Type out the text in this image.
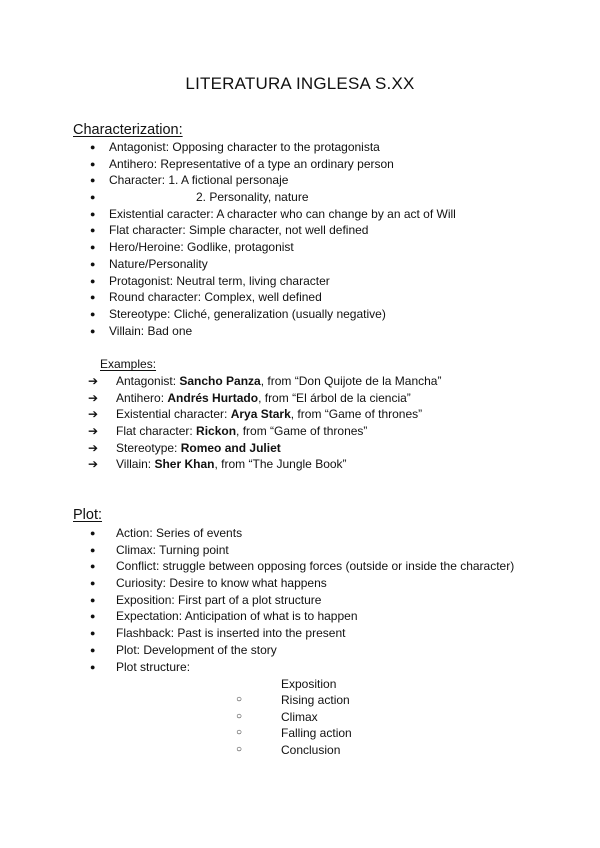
LITERATURA INGLESA S.XX
Characterization:
● Antagonist: Opposing character to the protagonista
● Antihero: Representative of a type an ordinary person
● Character: 1. A fictional personaje
●	2. Personality, nature
● Existential caracter: A character who can change by an act of Will
● Flat character: Simple character, not well defined
● Hero/Heroine: Godlike, protagonist
● Nature/Personality
● Protagonist: Neutral term, living character
● Round character: Complex, well defined
● Stereotype: Cliché, generalization (usually negative)
● Villain: Bad one
Examples:
➔ Antagonist: Sancho Panza, from “Don Quijote de la Mancha”
➔ Antihero: Andrés Hurtado, from “El árbol de la ciencia”
➔ Existential character: Arya Stark, from “Game of thrones”
➔ Flat character: Rickon, from “Game of thrones”
➔ Stereotype: Romeo and Juliet
➔ Villain: Sher Khan, from “The Jungle Book”
Plot:
● Action: Series of events
● Climax: Turning point
● Conflict: struggle between opposing forces (outside or inside the character)
● Curiosity: Desire to know what happens
● Exposition: First part of a plot structure
● Expectation: Anticipation of what is to happen
● Flashback: Past is inserted into the present
● Plot: Development of the story
● Plot structure:
Exposition
○	Rising action
○	Climax
○	Falling action
○	Conclusion
